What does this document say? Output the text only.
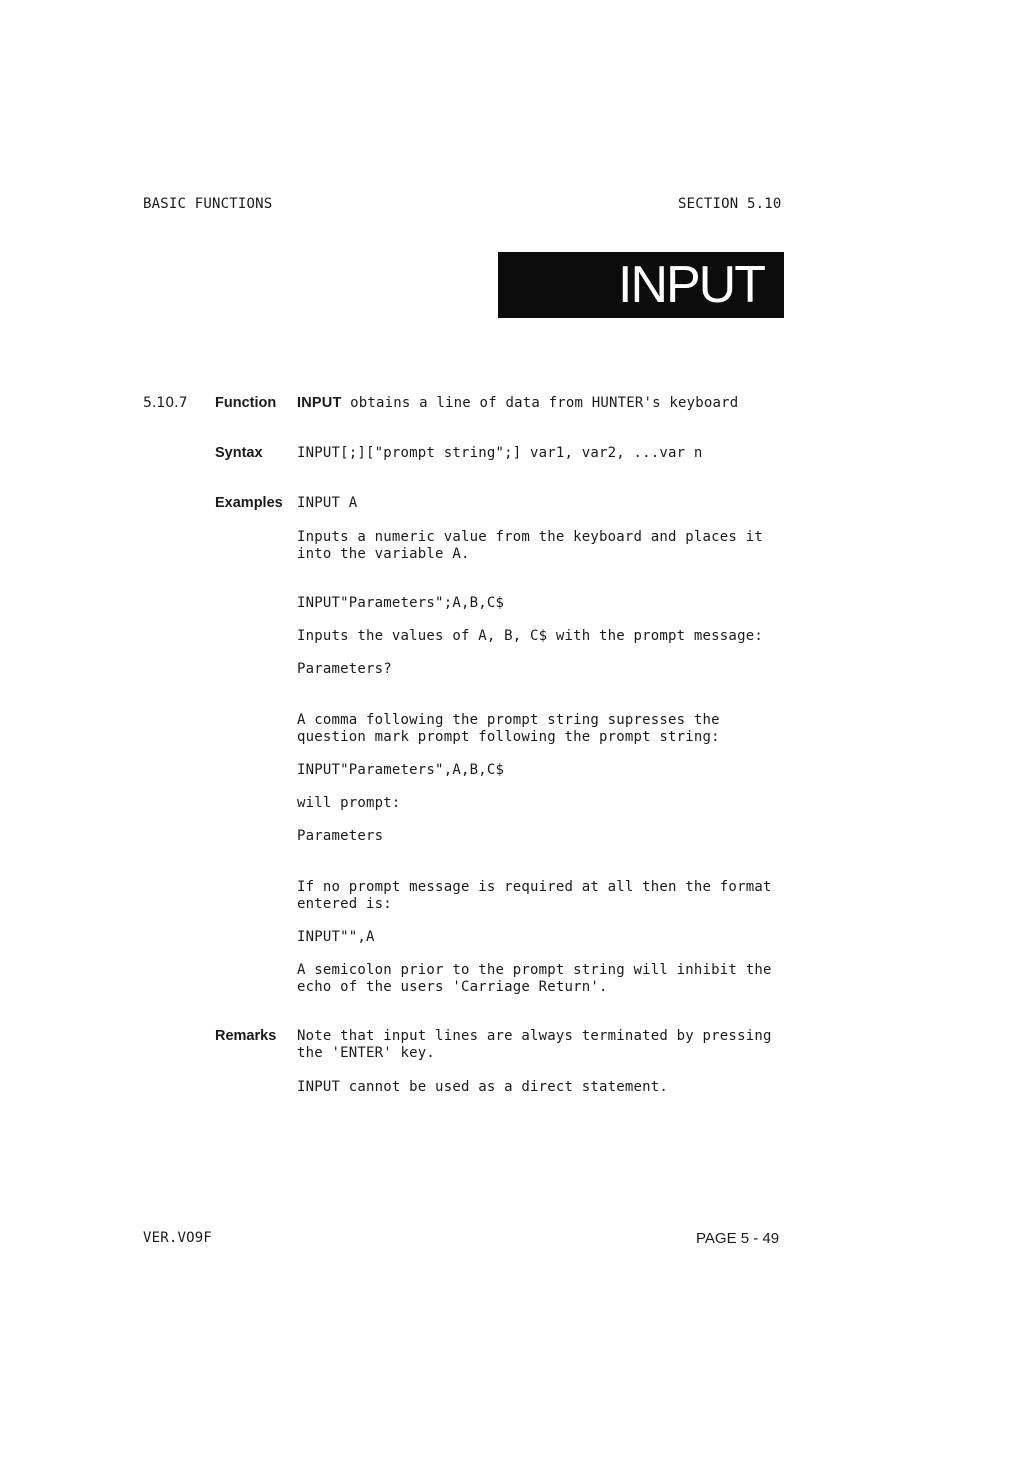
BASIC FUNCTIONS	SECTION 5.10
INPUT
5.10.7 Function INPUT obtains a line of data from HUNTER's keyboard
Syntax INPUT[;]["prompt string";] var1, var2, ...var n
Examples INPUT A
Inputs a numeric value from the keyboard and places it into the variable A.
INPUT"Parameters";A,B,C$
Inputs the values of A, B, C$ with the prompt message:
Parameters?
A comma following the prompt string supresses the question mark prompt following the prompt string:
INPUT"Parameters",A,B,C$
will prompt:
Parameters
If no prompt message is required at all then the format entered is:
INPUT"",A
A semicolon prior to the prompt string will inhibit the echo of the users 'Carriage Return'.
Remarks Note that input lines are always terminated by pressing the 'ENTER' key.
INPUT cannot be used as a direct statement.
VER.VO9F	PAGE 5 - 49
